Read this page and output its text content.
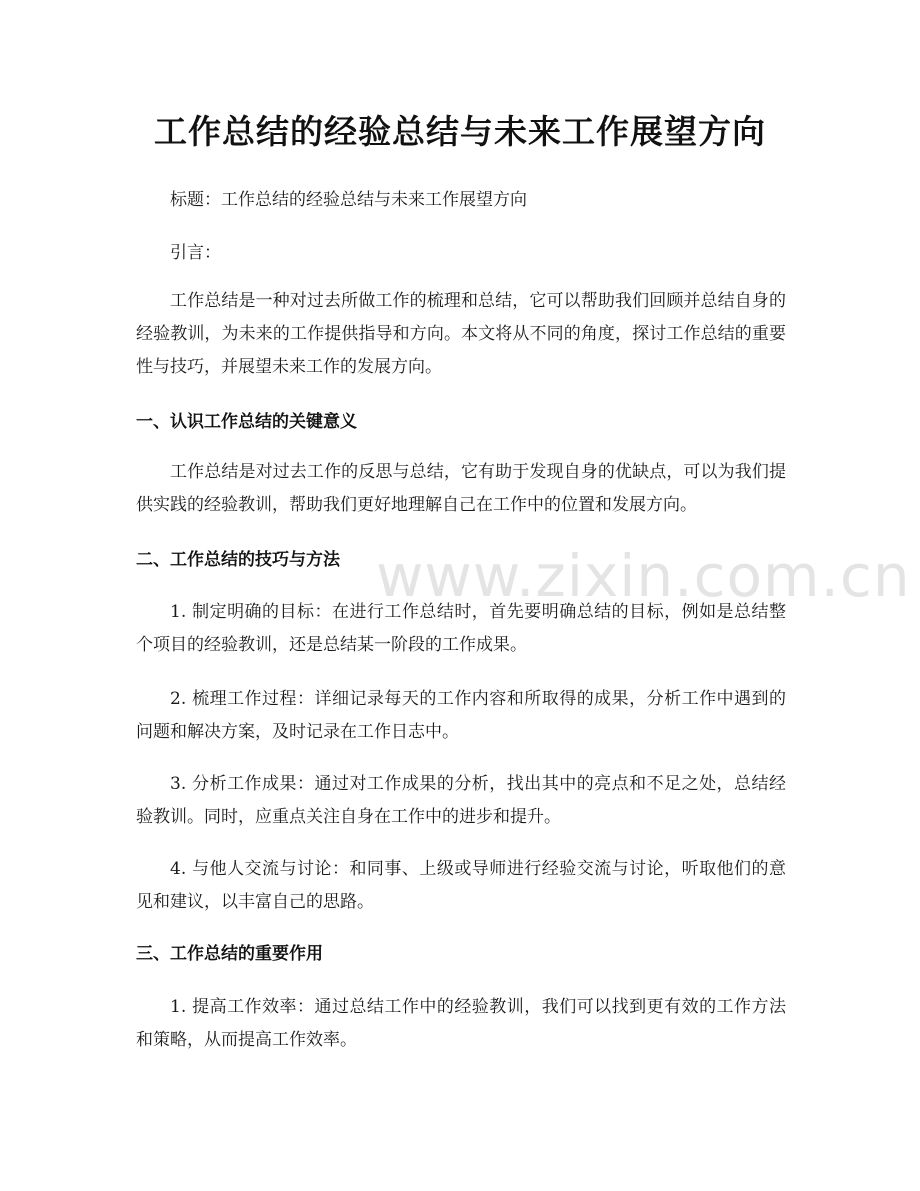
工作总结的经验总结与未来工作展望方向

标题：工作总结的经验总结与未来工作展望方向

引言：

工作总结是一种对过去所做工作的梳理和总结，它可以帮助我们回顾并总结自身的经验教训，为未来的工作提供指导和方向。本文将从不同的角度，探讨工作总结的重要性与技巧，并展望未来工作的发展方向。

一、认识工作总结的关键意义

工作总结是对过去工作的反思与总结，它有助于发现自身的优缺点，可以为我们提供实践的经验教训，帮助我们更好地理解自己在工作中的位置和发展方向。

二、工作总结的技巧与方法

1. 制定明确的目标：在进行工作总结时，首先要明确总结的目标，例如是总结整个项目的经验教训，还是总结某一阶段的工作成果。

2. 梳理工作过程：详细记录每天的工作内容和所取得的成果，分析工作中遇到的问题和解决方案，及时记录在工作日志中。

3. 分析工作成果：通过对工作成果的分析，找出其中的亮点和不足之处，总结经验教训。同时，应重点关注自身在工作中的进步和提升。

4. 与他人交流与讨论：和同事、上级或导师进行经验交流与讨论，听取他们的意见和建议，以丰富自己的思路。

三、工作总结的重要作用

1. 提高工作效率：通过总结工作中的经验教训，我们可以找到更有效的工作方法和策略，从而提高工作效率。

www.zixin.com.cn
